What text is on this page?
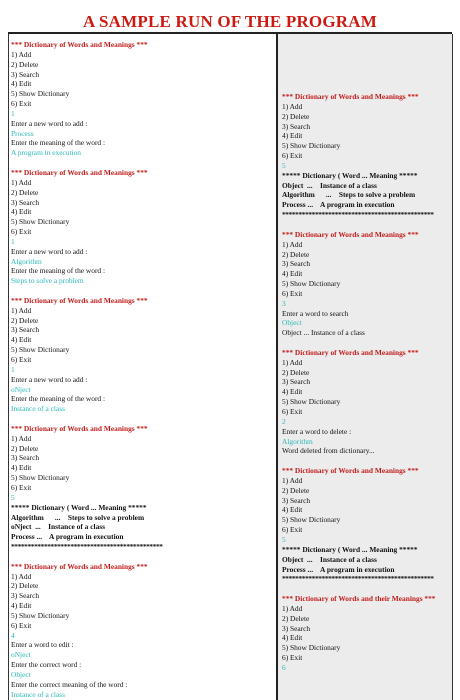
A SAMPLE RUN OF THE PROGRAM
*** Dictionary of Words and Meanings ***
1) Add
2) Delete
3) Search
4) Edit
5) Show Dictionary
6) Exit
1
Enter a new word to add :
Process
Enter the meaning of the word :
A program in execution
*** Dictionary of Words and Meanings ***
1) Add
2) Delete
3) Search
4) Edit
5) Show Dictionary
6) Exit
1
Enter a new word to add :
Algorithm
Enter the meaning of the word :
Steps to solve a problem
*** Dictionary of Words and Meanings ***
1) Add
2) Delete
3) Search
4) Edit
5) Show Dictionary
6) Exit
1
Enter a new word to add :
oNject
Enter the meaning of the word :
Instance of a class
*** Dictionary of Words and Meanings ***
1) Add
2) Delete
3) Search
4) Edit
5) Show Dictionary
6) Exit
5
***** Dictionary ( Word ... Meaning *****
Algorithm      ...    Steps to solve a problem
oNject  ...    Instance of a class
Process ...    A program in execution
**********************************************
*** Dictionary of Words and Meanings ***
1) Add
2) Delete
3) Search
4) Edit
5) Show Dictionary
6) Exit
4
Enter a word to edit :
oNject
Enter the correct word :
Object
Enter the correct meaning of the word :
Instance of a class
*** Dictionary of Words and Meanings ***
1) Add
2) Delete
3) Search
4) Edit
5) Show Dictionary
6) Exit
5
***** Dictionary ( Word ... Meaning *****
Object  ...    Instance of a class
Algorithm      ...    Steps to solve a problem
Process ...    A program in execution
**********************************************
*** Dictionary of Words and Meanings ***
1) Add
2) Delete
3) Search
4) Edit
5) Show Dictionary
6) Exit
3
Enter a word to search
Object
Object ... Instance of a class
*** Dictionary of Words and Meanings ***
1) Add
2) Delete
3) Search
4) Edit
5) Show Dictionary
6) Exit
2
Enter a word to delete :
Algorithm
Word deleted from dictionary...
*** Dictionary of Words and Meanings ***
1) Add
2) Delete
3) Search
4) Edit
5) Show Dictionary
6) Exit
5
***** Dictionary ( Word ... Meaning *****
Object  ...    Instance of a class
Process ...    A program in execution
**********************************************
*** Dictionary of Words and their Meanings ***
1) Add
2) Delete
3) Search
4) Edit
5) Show Dictionary
6) Exit
6
